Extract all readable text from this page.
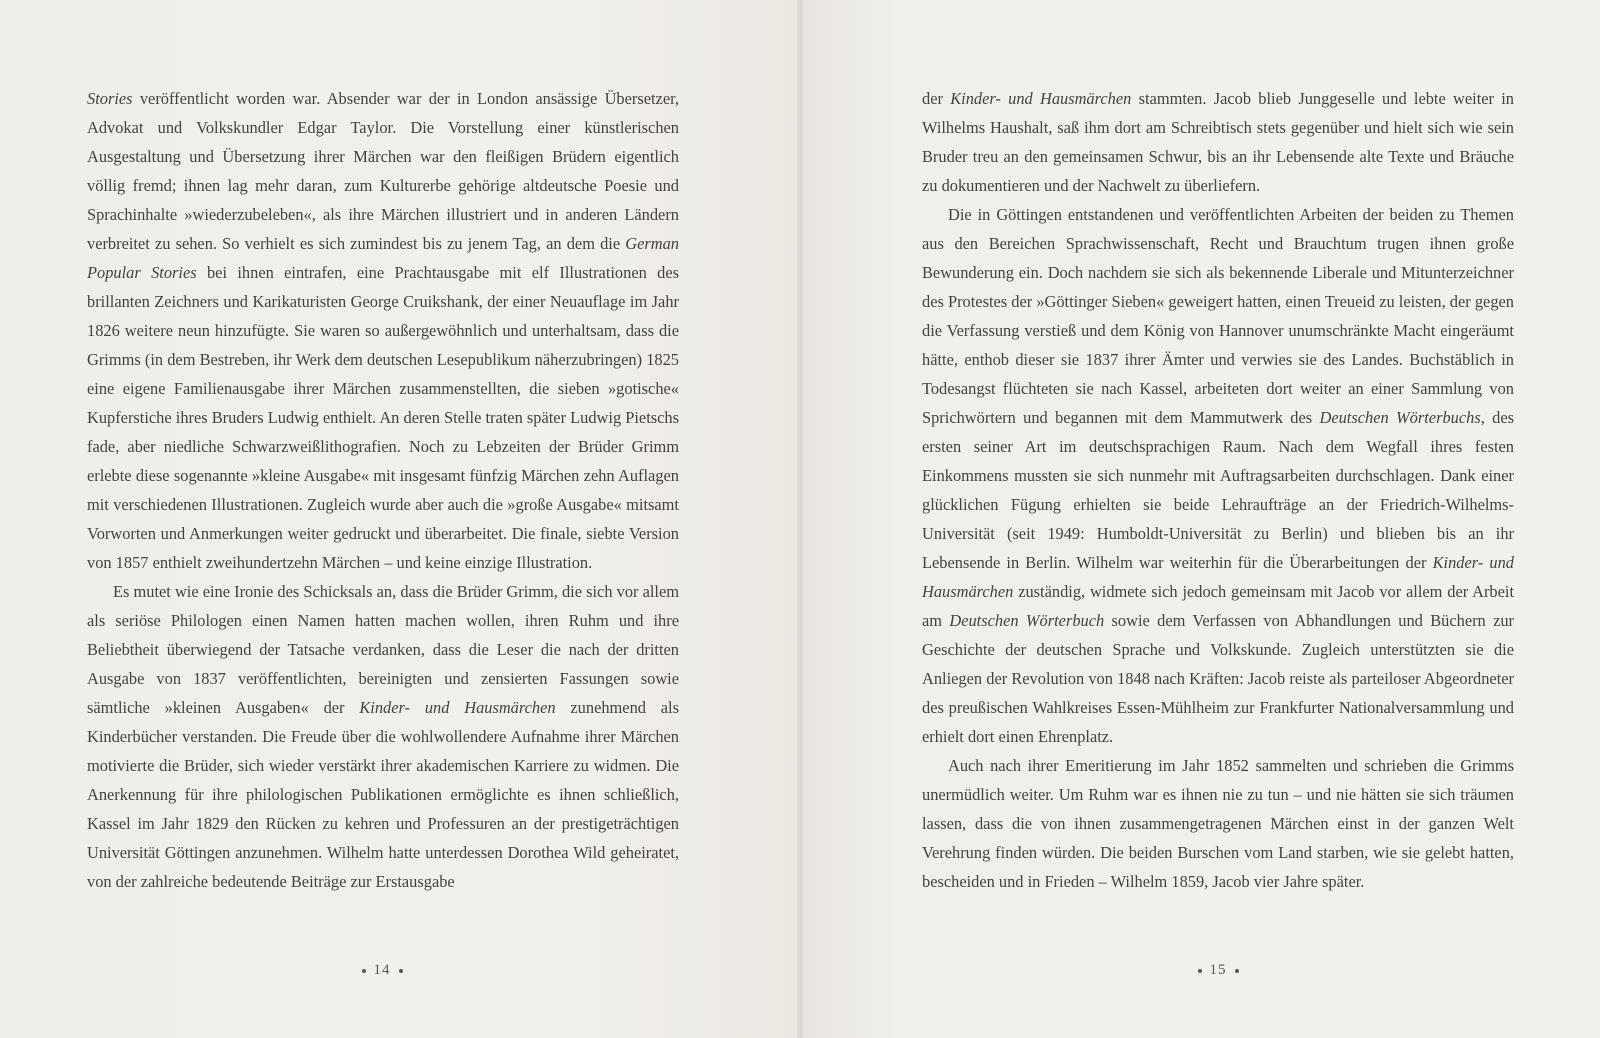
Stories veröffentlicht worden war. Absender war der in London ansässige Übersetzer, Advokat und Volkskundler Edgar Taylor. Die Vorstellung einer künstlerischen Ausgestaltung und Übersetzung ihrer Märchen war den fleißigen Brüdern eigentlich völlig fremd; ihnen lag mehr daran, zum Kulturerbe gehörige altdeutsche Poesie und Sprachinhalte »wiederzubeleben«, als ihre Märchen illustriert und in anderen Ländern verbreitet zu sehen. So verhielt es sich zumindest bis zu jenem Tag, an dem die German Popular Stories bei ihnen eintrafen, eine Prachtausgabe mit elf Illustrationen des brillanten Zeichners und Karikaturisten George Cruikshank, der einer Neuauflage im Jahr 1826 weitere neun hinzufügte. Sie waren so außergewöhnlich und unterhaltsam, dass die Grimms (in dem Bestreben, ihr Werk dem deutschen Lesepublikum näherzubringen) 1825 eine eigene Familienausgabe ihrer Märchen zusammenstellten, die sieben »gotische« Kupferstiche ihres Bruders Ludwig enthielt. An deren Stelle traten später Ludwig Pietschs fade, aber niedliche Schwarzweißlithografien. Noch zu Lebzeiten der Brüder Grimm erlebte diese sogenannte »kleine Ausgabe« mit insgesamt fünfzig Märchen zehn Auflagen mit verschiedenen Illustrationen. Zugleich wurde aber auch die »große Ausgabe« mitsamt Vorworten und Anmerkungen weiter gedruckt und überarbeitet. Die finale, siebte Version von 1857 enthielt zweihundertzehn Märchen – und keine einzige Illustration.

Es mutet wie eine Ironie des Schicksals an, dass die Brüder Grimm, die sich vor allem als seriöse Philologen einen Namen hatten machen wollen, ihren Ruhm und ihre Beliebtheit überwiegend der Tatsache verdanken, dass die Leser die nach der dritten Ausgabe von 1837 veröffentlichten, bereinigten und zensierten Fassungen sowie sämtliche »kleinen Ausgaben« der Kinder- und Hausmärchen zunehmend als Kinderbücher verstanden. Die Freude über die wohlwollendere Aufnahme ihrer Märchen motivierte die Brüder, sich wieder verstärkt ihrer akademischen Karriere zu widmen. Die Anerkennung für ihre philologischen Publikationen ermöglichte es ihnen schließlich, Kassel im Jahr 1829 den Rücken zu kehren und Professuren an der prestigeträchtigen Universität Göttingen anzunehmen. Wilhelm hatte unterdessen Dorothea Wild geheiratet, von der zahlreiche bedeutende Beiträge zur Erstausgabe

14

der Kinder- und Hausmärchen stammten. Jacob blieb Junggeselle und lebte weiter in Wilhelms Haushalt, saß ihm dort am Schreibtisch stets gegenüber und hielt sich wie sein Bruder treu an den gemeinsamen Schwur, bis an ihr Lebensende alte Texte und Bräuche zu dokumentieren und der Nachwelt zu überliefern.

Die in Göttingen entstandenen und veröffentlichten Arbeiten der beiden zu Themen aus den Bereichen Sprachwissenschaft, Recht und Brauchtum trugen ihnen große Bewunderung ein. Doch nachdem sie sich als bekennende Liberale und Mitunterzeichner des Protestes der »Göttinger Sieben« geweigert hatten, einen Treueid zu leisten, der gegen die Verfassung verstieß und dem König von Hannover unumschränkte Macht eingeräumt hätte, enthob dieser sie 1837 ihrer Ämter und verwies sie des Landes. Buchstäblich in Todesangst flüchteten sie nach Kassel, arbeiteten dort weiter an einer Sammlung von Sprichwörtern und begannen mit dem Mammutwerk des Deutschen Wörterbuchs, des ersten seiner Art im deutschsprachigen Raum. Nach dem Wegfall ihres festen Einkommens mussten sie sich nunmehr mit Auftragsarbeiten durchschlagen. Dank einer glücklichen Fügung erhielten sie beide Lehraufträge an der Friedrich-Wilhelms-Universität (seit 1949: Humboldt-Universität zu Berlin) und blieben bis an ihr Lebensende in Berlin. Wilhelm war weiterhin für die Überarbeitungen der Kinder- und Hausmärchen zuständig, widmete sich jedoch gemeinsam mit Jacob vor allem der Arbeit am Deutschen Wörterbuch sowie dem Verfassen von Abhandlungen und Büchern zur Geschichte der deutschen Sprache und Volkskunde. Zugleich unterstützten sie die Anliegen der Revolution von 1848 nach Kräften: Jacob reiste als parteiloser Abgeordneter des preußischen Wahlkreises Essen-Mühlheim zur Frankfurter Nationalversammlung und erhielt dort einen Ehrenplatz.

Auch nach ihrer Emeritierung im Jahr 1852 sammelten und schrieben die Grimms unermüdlich weiter. Um Ruhm war es ihnen nie zu tun – und nie hätten sie sich träumen lassen, dass die von ihnen zusammengetragenen Märchen einst in der ganzen Welt Verehrung finden würden. Die beiden Burschen vom Land starben, wie sie gelebt hatten, bescheiden und in Frieden – Wilhelm 1859, Jacob vier Jahre später.

15
